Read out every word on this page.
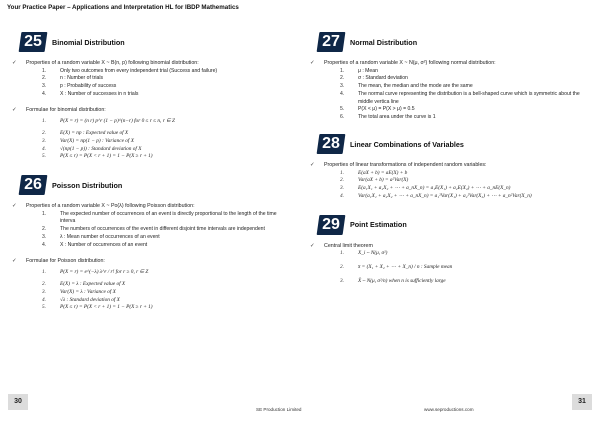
Your Practice Paper – Applications and Interpretation HL for IBDP Mathematics
25	Binomial Distribution
✓	Properties of a random variable X ~ B(n, p) following binomial distribution:
1.	Only two outcomes from every independent trial (Success and failure)
2.	n : Number of trials
3.	p : Probability of success
4.	X : Number of successes in n trials
✓	Formulae for binomial distribution:
1.	P(X = r) = (n r) p^r (1 − p)^(n−r) for 0 ≤ r ≤ n, r ∈ Z
2.	E(X) = np : Expected value of X
3.	Var(X) = np(1 − p) : Variance of X
4.	√(np(1 − p)) : Standard deviation of X
5.	P(X ≤ r) = P(X < r + 1) = 1 − P(X ≥ r + 1)
26	Poisson Distribution
✓	Properties of a random variable X ~ Po(λ) following Poisson distribution:
1.	The expected number of occurrences of an event is directly proportional to the length of the time interva
2.	The numbers of occurrences of the event in different disjoint time intervals are independent
3.	λ : Mean number of occurrences of an event
4.	X : Number of occurrences of an event
✓	Formulae for Poisson distribution:
1.	P(X = r) = e^(−λ) λ^r / r! for r ≥ 0, r ∈ Z
2.	E(X) = λ : Expected value of X
3.	Var(X) = λ : Variance of X
4.	√λ : Standard deviation of X
5.	P(X ≤ r) = P(X < r + 1) = 1 − P(X ≥ r + 1)
27	Normal Distribution
✓	Properties of a random variable X ~ N(μ, σ²) following normal distribution:
1.	μ : Mean
2.	σ : Standard deviation
3.	The mean, the median and the mode are the same
4.	The normal curve representing the distribution is a bell-shaped curve which is symmetric about the middle vertica line
5.	P(X < μ) = P(X > μ) = 0.5
6.	The total area under the curve is 1
28	Linear Combinations of Variables
✓	Properties of linear transformations of independent random variables:
1.	E(aX + b) = aE(X) + b
2.	Var(aX + b) = a²Var(X)
3.	E(a₁X₁ + a₂X₂ + ⋯ + a_nX_n) = a₁E(X₁) + a₂E(X₂) + ⋯ + a_nE(X_n)
4.	Var(a₁X₁ + a₂X₂ + ⋯ + a_nX_n) = a₁²Var(X₁) + a₂²Var(X₂) + ⋯ + a_n²Var(X_n)
29	Point Estimation
✓	Central limit theorem
1.	X_i ~ N(μ, σ²)
2.	x̄ = (X₁ + X₂ + ⋯ + X_n) / n : Sample mean
3.	X̄ ~ N(μ, σ²/n) when n is sufficiently large
30	31
SE Production Limited	www.seproductions.com
